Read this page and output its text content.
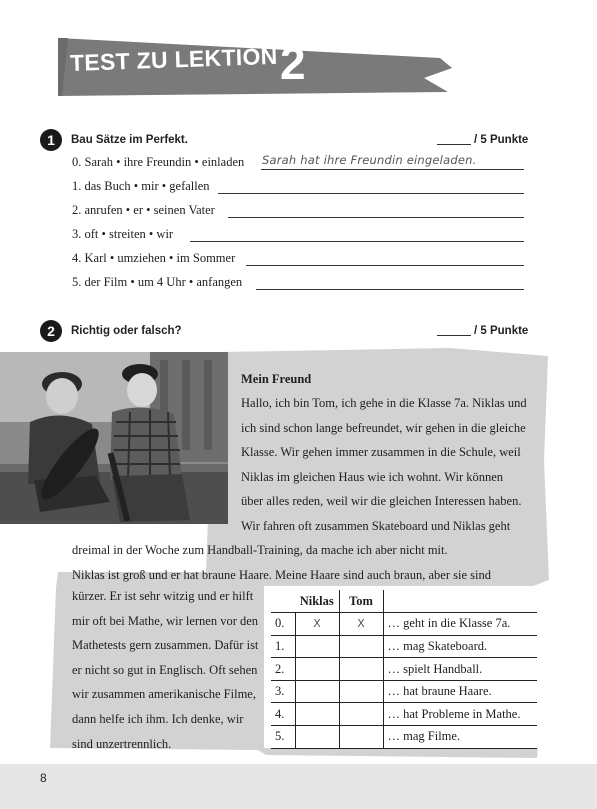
TEST ZU LEKTION 2
1	Bau Sätze im Perfekt.	/ 5 Punkte
0. Sarah • ihre Freundin • einladen Sarah hat ihre Freundin eingeladen.
1. das Buch • mir • gefallen
2. anrufen • er • seinen Vater
3. oft • streiten • wir
4. Karl • umziehen • im Sommer
5. der Film • um 4 Uhr • anfangen
2	Richtig oder falsch?	/ 5 Punkte
Mein Freund
Hallo, ich bin Tom, ich gehe in die Klasse 7a. Niklas und
ich sind schon lange befreundet, wir gehen in die gleiche
Klasse. Wir gehen immer zusammen in die Schule, weil
Niklas im gleichen Haus wie ich wohnt. Wir können
über alles reden, weil wir die gleichen Interessen haben.
Wir fahren oft zusammen Skateboard und Niklas geht
dreimal in der Woche zum Handball-Training, da mache ich aber nicht mit.
Niklas ist groß und er hat braune Haare. Meine Haare sind auch braun, aber sie sind
kürzer. Er ist sehr witzig und er hilft
mir oft bei Mathe, wir lernen vor den
Mathetests gern zusammen. Dafür ist
er nicht so gut in Englisch. Oft sehen
wir zusammen amerikanische Filme,
dann helfe ich ihm. Ich denke, wir
sind unzertrennlich.
	Niklas	Tom	
0.	X	X	… geht in die Klasse 7a.
1.			… mag Skateboard.
2.			… spielt Handball.
3.			… hat braune Haare.
4.			… hat Probleme in Mathe.
5.			… mag Filme.
8
